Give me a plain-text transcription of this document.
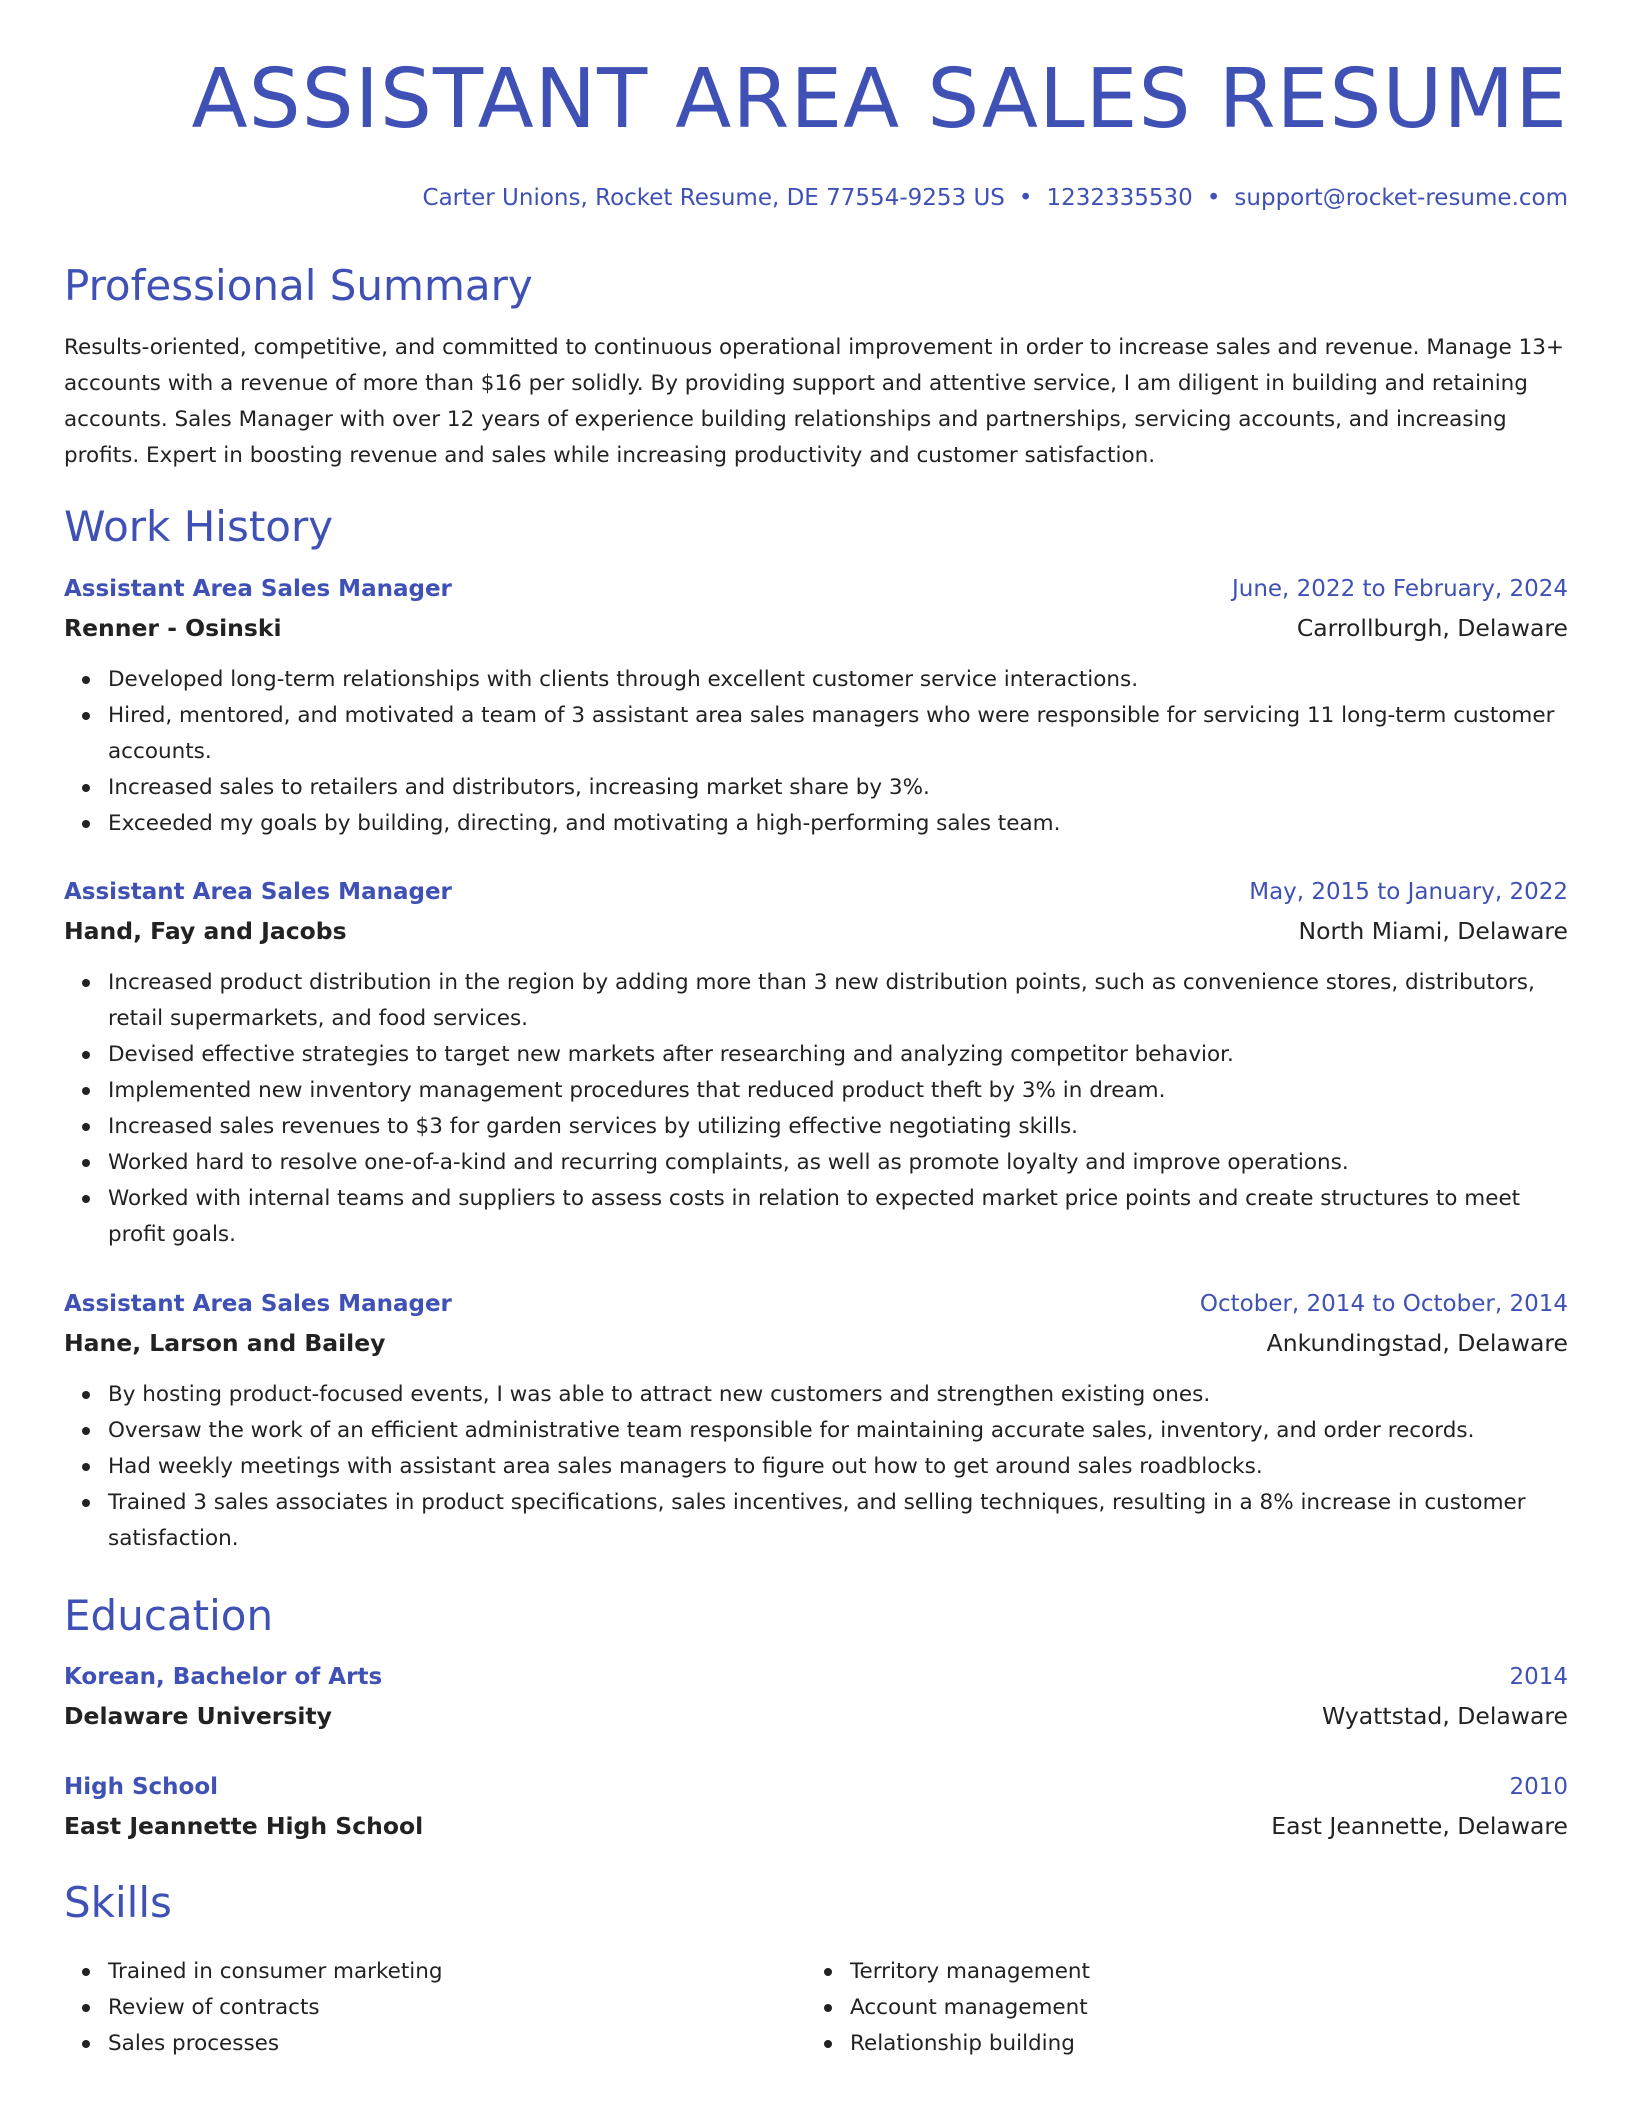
ASSISTANT AREA SALES RESUME
Carter Unions, Rocket Resume, DE 77554-9253 US • 1232335530 • support@rocket-resume.com
Professional Summary
Results-oriented, competitive, and committed to continuous operational improvement in order to increase sales and revenue. Manage 13+ accounts with a revenue of more than $16 per solidly. By providing support and attentive service, I am diligent in building and retaining accounts. Sales Manager with over 12 years of experience building relationships and partnerships, servicing accounts, and increasing profits. Expert in boosting revenue and sales while increasing productivity and customer satisfaction.
Work History
Assistant Area Sales Manager	June, 2022 to February, 2024
Renner - Osinski	Carrollburgh, Delaware
Developed long-term relationships with clients through excellent customer service interactions.
Hired, mentored, and motivated a team of 3 assistant area sales managers who were responsible for servicing 11 long-term customer accounts.
Increased sales to retailers and distributors, increasing market share by 3%.
Exceeded my goals by building, directing, and motivating a high-performing sales team.
Assistant Area Sales Manager	May, 2015 to January, 2022
Hand, Fay and Jacobs	North Miami, Delaware
Increased product distribution in the region by adding more than 3 new distribution points, such as convenience stores, distributors, retail supermarkets, and food services.
Devised effective strategies to target new markets after researching and analyzing competitor behavior.
Implemented new inventory management procedures that reduced product theft by 3% in dream.
Increased sales revenues to $3 for garden services by utilizing effective negotiating skills.
Worked hard to resolve one-of-a-kind and recurring complaints, as well as promote loyalty and improve operations.
Worked with internal teams and suppliers to assess costs in relation to expected market price points and create structures to meet profit goals.
Assistant Area Sales Manager	October, 2014 to October, 2014
Hane, Larson and Bailey	Ankundingstad, Delaware
By hosting product-focused events, I was able to attract new customers and strengthen existing ones.
Oversaw the work of an efficient administrative team responsible for maintaining accurate sales, inventory, and order records.
Had weekly meetings with assistant area sales managers to figure out how to get around sales roadblocks.
Trained 3 sales associates in product specifications, sales incentives, and selling techniques, resulting in a 8% increase in customer satisfaction.
Education
Korean, Bachelor of Arts	2014
Delaware University	Wyattstad, Delaware
High School	2010
East Jeannette High School	East Jeannette, Delaware
Skills
Trained in consumer marketing
Review of contracts
Sales processes
Territory management
Account management
Relationship building
